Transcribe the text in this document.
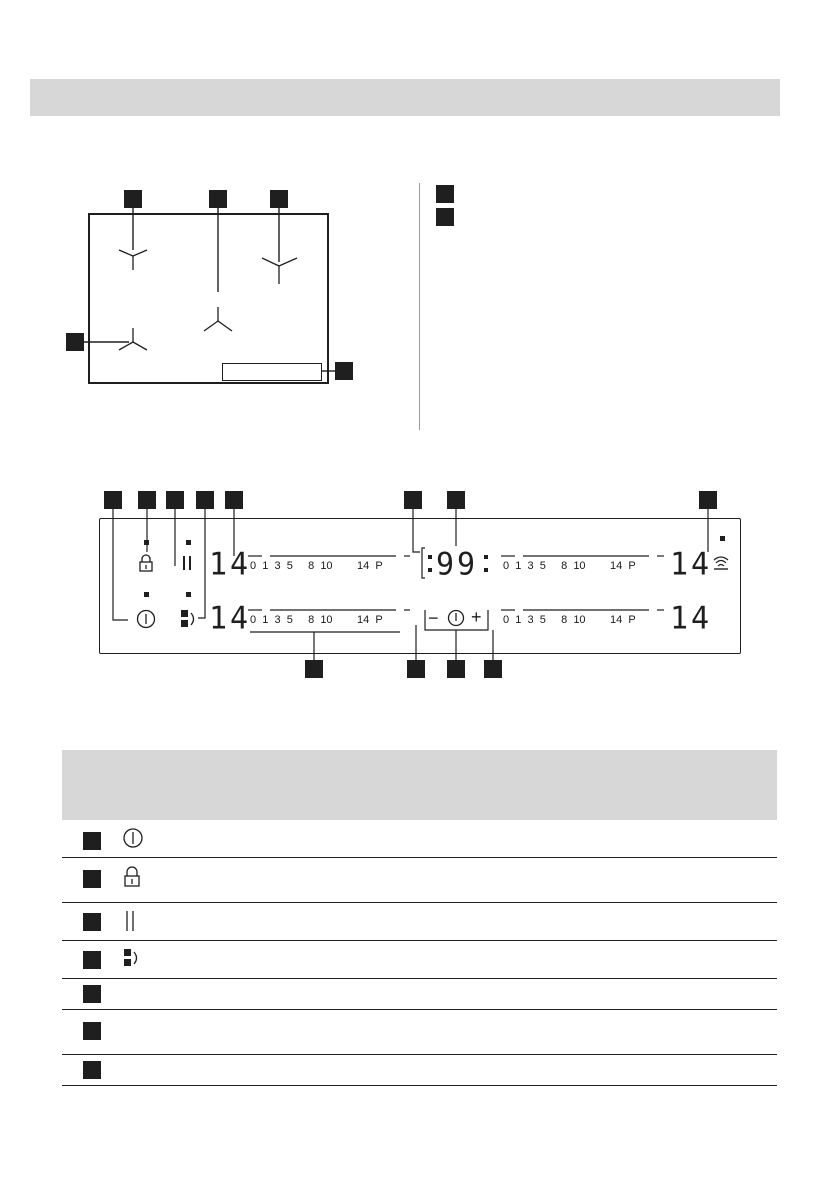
14
14
14
14
99
0  1  3  5     8  10        14  P	0  1  3  5     8  10        14  P
0  1  3  5     8  10        14  P	0  1  3  5     8  10        14  P
− +
